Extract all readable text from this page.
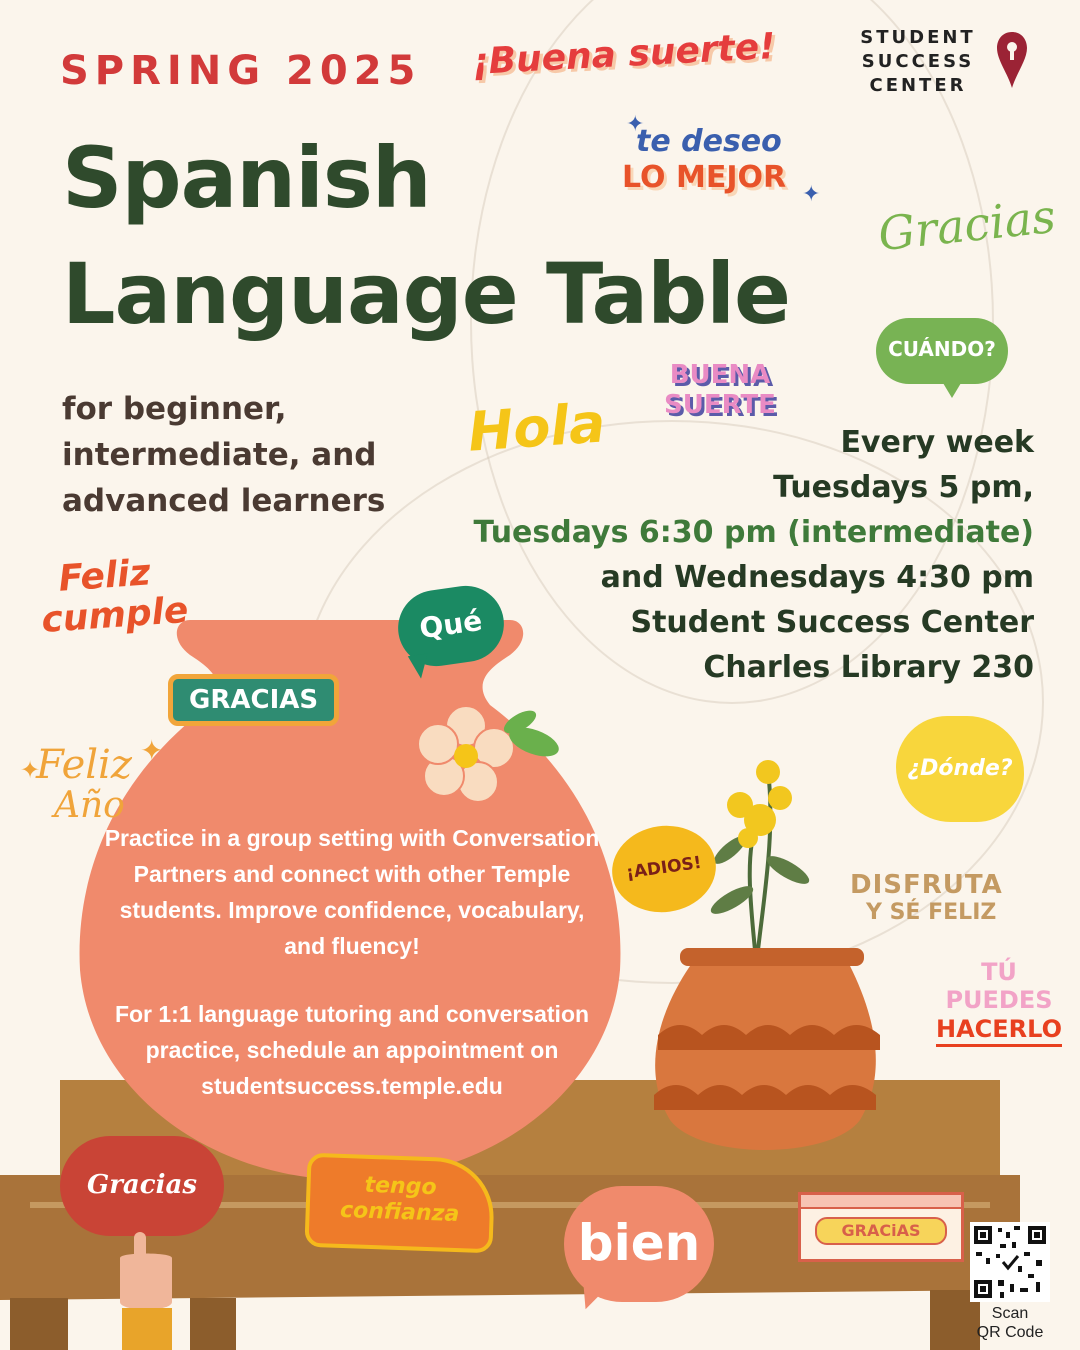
SPRING 2025
Spanish
Language Table
STUDENT
SUCCESS
CENTER
for beginner,
intermediate, and
advanced learners
Every week
Tuesdays 5 pm,
Tuesdays 6:30 pm (intermediate)
and Wednesdays 4:30 pm
Student Success Center
Charles Library 230

Practice in a group setting with Conversation Partners and connect with other Temple students. Improve confidence, vocabulary, and fluency!

For 1:1 language tutoring and conversation practice, schedule an appointment on studentsuccess.temple.edu

¡Buena suerte!
te deseo
LO MEJOR
✦
✦ Gracias
CUÁNDO?
BUENA
SUERTE
Hola
Feliz
cumple	Qué
GRACIAS
Feliz
Año
✦
✦
¿Dónde?
¡ADIOS!
DISFRUTA
Y SÉ FELIZ
TÚ
PUEDES
HACERLO
Gracias	tengo
confianza
bien	GRACiAS
Scan
QR Code
